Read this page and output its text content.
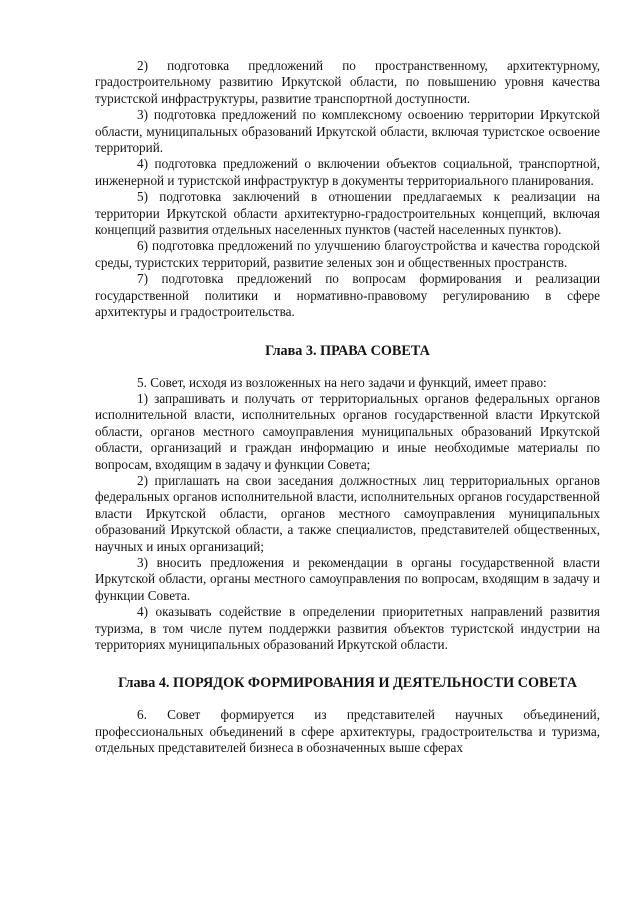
2) подготовка предложений по пространственному, архитектурному, градостроительному развитию Иркутской области, по повышению уровня качества туристской инфраструктуры, развитие транспортной доступности.

3) подготовка предложений по комплексному освоению территории Иркутской области, муниципальных образований Иркутской области, включая туристское освоение территорий.

4) подготовка предложений о включении объектов социальной, транспортной, инженерной и туристской инфраструктур в документы территориального планирования.

5) подготовка заключений в отношении предлагаемых к реализации на территории Иркутской области архитектурно-градостроительных концепций, включая концепций развития отдельных населенных пунктов (частей населенных пунктов).

6) подготовка предложений по улучшению благоустройства и качества городской среды, туристских территорий, развитие зеленых зон и общественных пространств.

7) подготовка предложений по вопросам формирования и реализации государственной политики и нормативно-правовому регулированию в сфере архитектуры и градостроительства.

Глава 3. ПРАВА СОВЕТА

5. Совет, исходя из возложенных на него задачи и функций, имеет право:

1) запрашивать и получать от территориальных органов федеральных органов исполнительной власти, исполнительных органов государственной власти Иркутской области, органов местного самоуправления муниципальных образований Иркутской области, организаций и граждан информацию и иные необходимые материалы по вопросам, входящим в задачу и функции Совета;

2) приглашать на свои заседания должностных лиц территориальных органов федеральных органов исполнительной власти, исполнительных органов государственной власти Иркутской области, органов местного самоуправления муниципальных образований Иркутской области, а также специалистов, представителей общественных, научных и иных организаций;

3) вносить предложения и рекомендации в органы государственной власти Иркутской области, органы местного самоуправления по вопросам, входящим в задачу и функции Совета.

4) оказывать содействие в определении приоритетных направлений развития туризма, в том числе путем поддержки развития объектов туристской индустрии на территориях муниципальных образований Иркутской области.

Глава 4. ПОРЯДОК ФОРМИРОВАНИЯ И ДЕЯТЕЛЬНОСТИ СОВЕТА

6. Совет формируется из представителей научных объединений, профессиональных объединений в сфере архитектуры, градостроительства и туризма, отдельных представителей бизнеса в обозначенных выше сферах
